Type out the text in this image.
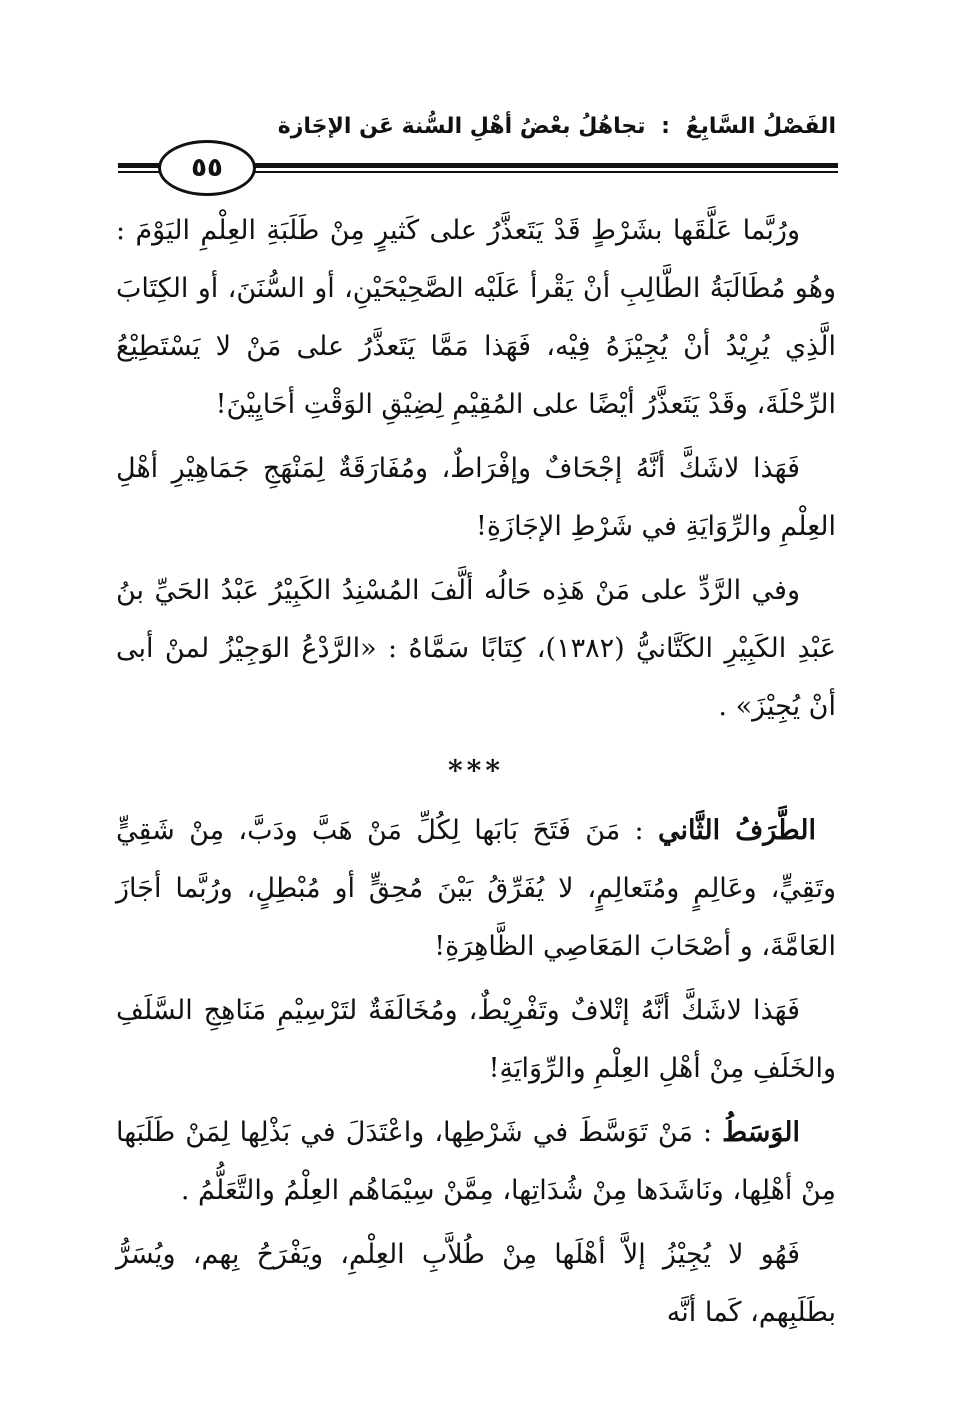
الفَصْلُ السَّابِعُ : تجاهُلُ بعْضُ أهْلِ السُّنة عَن الإجَازة
٥٥

ورُبَّما عَلَّقَها بشَرْطٍ قَدْ يَتَعذَّرُ على كَثيرٍ مِنْ طَلَبَةِ العِلْمِ اليَوْمَ : وهُو مُطَالَبَةُ الطَّالِبِ أنْ يَقْرأ عَلَيْه الصَّحِيْحَيْنِ، أو السُّنَنَ، أو الكِتَابَ الَّذِي يُرِيْدُ أنْ يُجِيْزَهُ فِيْه، فَهَذا مَمَّا يَتَعذَّرُ على مَنْ لا يَسْتَطِيْعُ الرِّحْلَةَ، وقَدْ يَتَعذَّرُ أيْضًا على المُقِيْمِ لِضِيْقِ الوَقْتِ أحَايِيْنَ!

فَهَذا لاشَكَّ أنَّهُ إجْحَافٌ وإفْرَاطٌ، ومُفَارَقَةٌ لِمَنْهَجِ جَمَاهِيْرِ أهْلِ العِلْمِ والرِّوَايَةِ في شَرْطِ الإجَازَةِ!

وفي الرَّدِّ على مَنْ هَذِه حَالُه ألَّفَ المُسْنِدُ الكَبِيْرُ عَبْدُ الحَيِّ بنُ عَبْدِ الكَبِيْرِ الكَتَّانيُّ (١٣٨٢)، كِتَابًا سَمَّاهُ : «الرَّدْعُ الوَجِيْزُ لمنْ أبى أنْ يُجِيْزَ» .

***

الطَّرَفُ الثَّاني : مَنَ فَتَحَ بَابَها لِكُلِّ مَنْ هَبَّ ودَبَّ، مِنْ شَقِيٍّ وتَقِيٍّ، وعَالِمٍ ومُتَعالِمٍ، لا يُفَرِّقُ بَيْنَ مُحِقٍّ أو مُبْطِلٍ، ورُبَّما أجَازَ العَامَّةَ، و أصْحَابَ المَعَاصِي الظَّاهِرَةِ!

فَهَذا لاشَكَّ أنَّهُ إتْلافٌ وتَفْرِيْطٌ، ومُخَالَفَةٌ لتَرْسِيْمِ مَنَاهِجِ السَّلَفِ والخَلَفِ مِنْ أهْلِ العِلْمِ والرِّوَايَةِ!

الوَسَطُ : مَنْ تَوَسَّطَ في شَرْطِها، واعْتَدَلَ في بَذْلِها لِمَنْ طَلَبَها مِنْ أهْلِها، ونَاشَدَها مِنْ شُدَاتِها، مِمَّنْ سِيْمَاهُم العِلْمُ والتَّعَلُّمُ .

فَهُو لا يُجِيْزُ إلاَّ أهْلَها مِنْ طُلاَّبِ العِلْمِ، ويَفْرَحُ بِهم، ويُسَرُّ بطَلَبِهم، كَما أنَّه
